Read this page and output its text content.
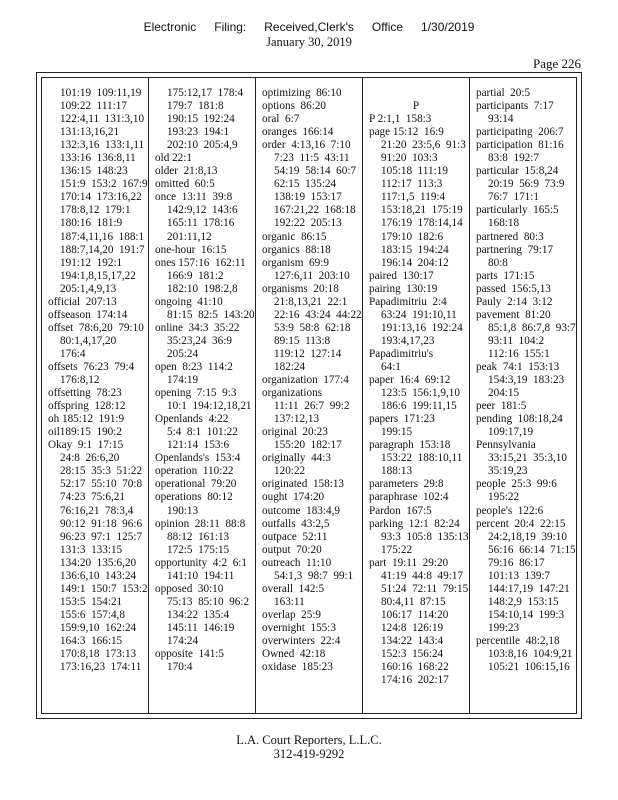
Electronic Filing: Received,Clerk's Office 1/30/2019
January 30, 2019
Page 226
101:19  109:11,19
109:22  111:17
122:4,11  131:3,10
131:13,16,21
132:3,16  133:1,11
133:16  136:8,11
136:15  148:23
151:9  153:2  167:9
170:14  173:16,22
178:8,12  179:1
180:16  181:9
187:4,11,16  188:1
188:7,14,20  191:7
191:12  192:1
194:1,8,15,17,22
205:1,4,9,13
official  207:13
offseason  174:14
offset  78:6,20  79:10
80:1,4,17,20
176:4
offsets  76:23  79:4
176:8,12
offsetting  78:23
offspring  128:12
oh 185:12  191:9
oil189:15  190:2
Okay  9:1  17:15
24:8  26:6,20
28:15  35:3  51:22
52:17  55:10  70:8
74:23  75:6,21
76:16,21  78:3,4
90:12  91:18  96:6
96:23  97:1  125:7
131:3  133:15
134:20  135:6,20
136:6,10  143:24
149:1  150:7  153:2
153:5  154:21
155:6  157:4,8
159:9,10  162:24
164:3  166:15
170:8,18  173:13
173:16,23  174:11
175:12,17  178:4
179:7  181:8
190:15  192:24
193:23  194:1
202:10  205:4,9
old 22:1
older  21:8,13
omitted  60:5
once  13:11  39:8
142:9,12  143:6
165:11  178:16
201:11,12
one-hour  16:15
ones 157:16  162:11
166:9  181:2
182:10  198:2,8
ongoing  41:10
81:15  82:5  143:20
online  34:3  35:22
35:23,24  36:9
205:24
open  8:23  114:2
174:19
opening  7:15  9:3
10:1  194:12,18,21
Openlands  4:22
5:4  8:1  101:22
121:14  153:6
Openlands's  153:4
operation  110:22
operational  79:20
operations  80:12
190:13
opinion  28:11  88:8
88:12  161:13
172:5  175:15
opportunity  4:2  6:1
141:10  194:11
opposed  30:10
75:13  85:10  96:2
134:22  135:4
145:11  146:19
174:24
opposite  141:5
170:4
optimizing  86:10
options  86:20
oral  6:7
oranges  166:14
order  4:13,16  7:10
7:23  11:5  43:11
54:19  58:14  60:7
62:15  135:24
138:19  153:17
167:21,22  168:18
192:22  205:13
organic  86:15
organics  88:18
organism  69:9
127:6,11  203:10
organisms  20:18
21:8,13,21  22:1
22:16  43:24  44:22
53:9  58:8  62:18
89:15  113:8
119:12  127:14
182:24
organization  177:4
organizations
11:11  26:7  99:2
137:12,13
original  20:23
155:20  182:17
originally  44:3
120:22
originated  158:13
ought  174:20
outcome  183:4,9
outfalls  43:2,5
outpace  52:11
output  70:20
outreach  11:10
54:1,3  98:7  99:1
overall  142:5
163:11
overlap  25:9
overnight  155:3
overwinters  22:4
Owned  42:18
oxidase  185:23

P
P 2:1,1  158:3
page 15:12  16:9
21:20  23:5,6  91:3
91:20  103:3
105:18  111:19
112:17  113:3
117:1,5  119:4
153:18,21  175:19
176:19  178:14,14
179:10  182:6
183:15  194:24
196:14  204:12
paired  130:17
pairing  130:19
Papadimitriu  2:4
63:24  191:10,11
191:13,16  192:24
193:4,17,23
Papadimitriu's
64:1
paper  16:4  69:12
123:5  156:1,9,10
186:6  199:11,15
papers  171:23
199:15
paragraph  153:18
153:22  188:10,11
188:13
parameters  29:8
paraphrase  102:4
Pardon  167:5
parking  12:1  82:24
93:3  105:8  135:13
175:22
part  19:11  29:20
41:19  44:8  49:17
51:24  72:11  79:15
80:4,11  87:15
106:17  114:20
124:8  126:19
134:22  143:4
152:3  156:24
160:16  168:22
174:16  202:17
partial  20:5
participants  7:17
93:14
participating  206:7
participation  81:16
83:8  192:7
particular  15:8,24
20:19  56:9  73:9
76:7  171:1
particularly  165:5
168:18
partnered  80:3
partnering  79:17
80:8
parts  171:15
passed  156:5,13
Pauly  2:14  3:12
pavement  81:20
85:1,8  86:7,8  93:7
93:11  104:2
112:16  155:1
peak  74:1  153:13
154:3,19  183:23
204:15
peer  181:5
pending  108:18,24
109:17,19
Pennsylvania
33:15,21  35:3,10
35:19,23
people  25:3  99:6
195:22
people's  122:6
percent  20:4  22:15
24:2,18,19  39:10
56:16  66:14  71:15
79:16  86:17
101:13  139:7
144:17,19  147:21
148:2,9  153:15
154:10,14  199:3
199:23
percentile  48:2,18
103:8,16  104:9,21
105:21  106:15,16
L.A. Court Reporters, L.L.C.
312-419-9292
